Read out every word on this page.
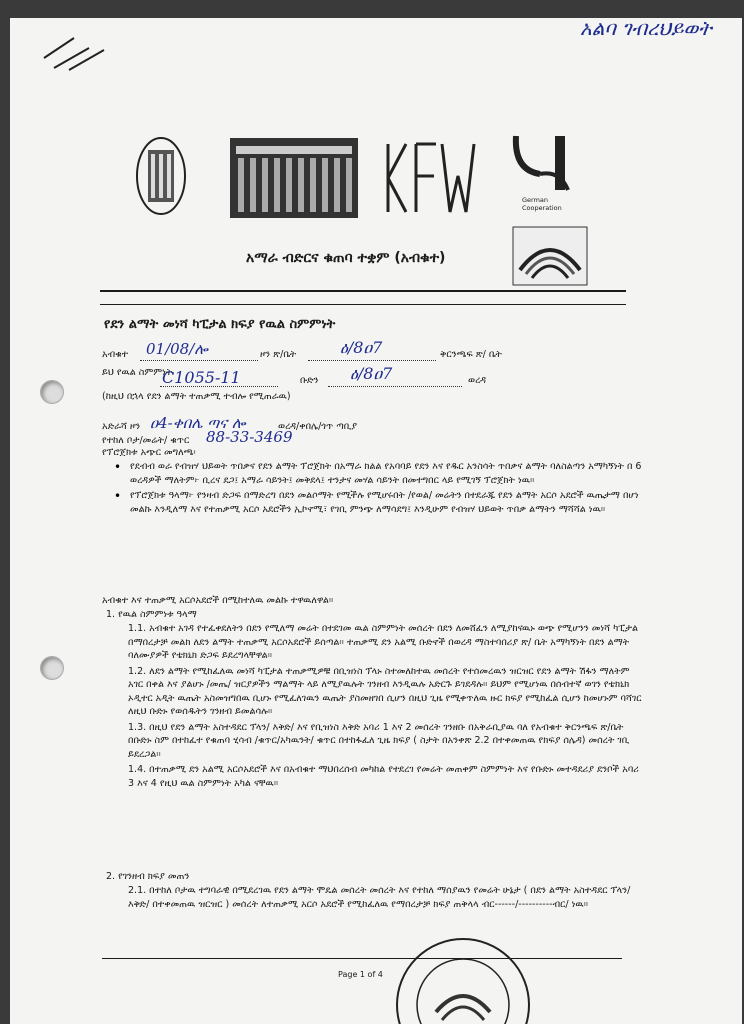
አልባ ገብረህይወት
German Cooperation
አማራ ብድርና ቁጠባ ተቋም (አብቁተ)
የደን ልማት መነሻ ካፒታል ክፍያ የዉል ስምምነት
አብቁተ 01/08/ሎ	ዞን ጽ/ቤት	ዕ/8ዐ7	ቅርንጫፍ ጽ/ ቤት
ይህ የዉል ስምምነት
C1055-11	ቡድን ዕ/8ዐ7	ወረዳ
(ከዚህ በኋላ የደን ልማት ተጠቃሚ ተብሎ የሚጠራዉ)
አድራሻ ዞን ዐ4-ቀበሌ ጣና ሎ	ወረዳ/ቀበሌ/ጎጥ ጣቢያ
የተከለ ቦታ/መሬት/ ቁጥር 88-33-3469
የፕሮጀክቱ አጭር መግለጫ፡
• የደብብ ወራ የብዝሃ ህይወት ጥበቃና የደን ልማት ፕሮጀክት በአማራ ክልል የአባባይ የደን እና የዱር አንስሳት ጥበቃና ልማት ባለስልጣን አማካኝነት በ 6 ወረዳዎች ማለትም፦ ቢረና ደጋ፤ አማራ ሳይንት፤ መቅደላ፤ ተንታና መሃል ሳይንት በመተግበር ላይ የሚገኝ ፕሮጀክት ነዉ።
• የፕሮጀክቱ ዓላማ፦ የንዛብ ድጋፍ በማድረግ በደን መልሶማት የሚችሉ የሚሆሩበት /የወል/ መሬትን በተደራጁ የደን ልማት አርሶ አደሮች ዉጤታማ በሆነ መልኩ እንዲለማ እና የተጠቃሚ አርሶ አደሮችን ኢኮኖሚ፣ የገቢ ምንጭ ለማሳደግ፤ እንዲሁም የብዝሃ ህይወት ጥበቃ ልማትን ማሻሻል ነዉ።
አብቁተ እና ተጠቃሚ አርሶአደሮች በሚከተለዉ መልኩ ተዋዉለዋል።
1. የዉል ስምምነቱ ዓላማ
1.1. አብቁተ አገዳ የተፈቀደለትን በደን የሚለማ መሬት በተደገመ ዉል ስምምነት መሰረት በደን ለመሸፈን ለሚያከናዉኑ ወጭ የሚሆንን መነሻ ካፒታል በማበረታቻ መልክ ለደን ልማት ተጠቃሚ አርሶአደሮች ይሰጣል። ተጠቃሚ ደን አልሚ ቡድኖች በወረዳ ማስተባበሪያ ጽ/ ቤት አማካኝነት በደን ልማት ባለሙያዎች የቴክኒክ ድጋፍ ይደረግላቸዋል።
1.2. ለደን ልማት የሚከፈለዉ መነሻ ካፒታል ተጠቃሚዎቹ በቢዝነስ ፕላኑ ስተመለከተዉ መሰረት የተሰመረዉን ዝርዝር የደን ልማት ሽፋን ማለትም አገር በቀል እና ያልሆኑ /መጤ/ ዝርያዎችን ማልማት ላይ ለሚያዉሉት ገንዘብ እንዲዉሉ አድርጉ ይገደዳሉ። ይህም የሚሆነዉ በሰብተኛ ወገን የቴክኒክ ኦዲተር አዲት ዉጤት አስመዝግበዉ ቢሆኑ የሚፈለገዉን ዉጤት ያስመዘገበ ሲሆን በዚህ ጊዜ የሚቀጥለዉ ዙር ክፍያ የሚከፈል ሲሆን ከመሆኑም ባሻገር ለዚህ ቡድኑ የወሰዱትን ገንዘብ ይመልሳሉ።
1.3. በዚህ የደን ልማት አስተዳደር ፕላን/ እቅድ/ እና የቢዝነስ እቅድ አባሪ 1 እና 2 መሰረት ገንዘቡ በአቅራቢያዉ ባለ የአብቁተ ቅርንጫፍ ጽ/ቤት በቡድኑ ስም በተከፈተ የቁጠባ ሂሳብ /ቁጥር/አካዉንት/ ቁጥር በተከፋፈለ ጊዜ ክፍያ ( ስታት በአንቀጽ 2.2 በተቀመጠዉ የክፍያ ሰሌዳ) መሰረት ገቢ ይደረጋል።
1.4. በተጠቃሚ ደን አልሚ አርሶአደሮች እና በአብቁተ ማህበረሰብ መካከል የተደረገ የመሬት መጠቀም ስምምነት እና የቡድኑ መተዳደሪያ ደንቦች አባሪ 3 እና 4 የዚህ ዉል ስምምነት አካል ናቸዉ።
2. የገንዘብ ክፍያ መጠን
2.1. በተከለ ቦታዉ ተግባራዊ በሚደረገዉ የደን ልማት ሞዴል መሰረት መሰረት እና የተከለ ማሰያዉን የመሬት ሁኔታ ( በደን ልማት አስተዳደር ፕላን/እቅድ/ በተቀመጠዉ ዝርዝር ) መሰረት ለተጠቃሚ አርሶ አደሮች የሚከፈለዉ የማበረታቻ ክፍያ ጠቅላላ ብር------/----------ብር/ ነዉ።
Page 1 of 4
